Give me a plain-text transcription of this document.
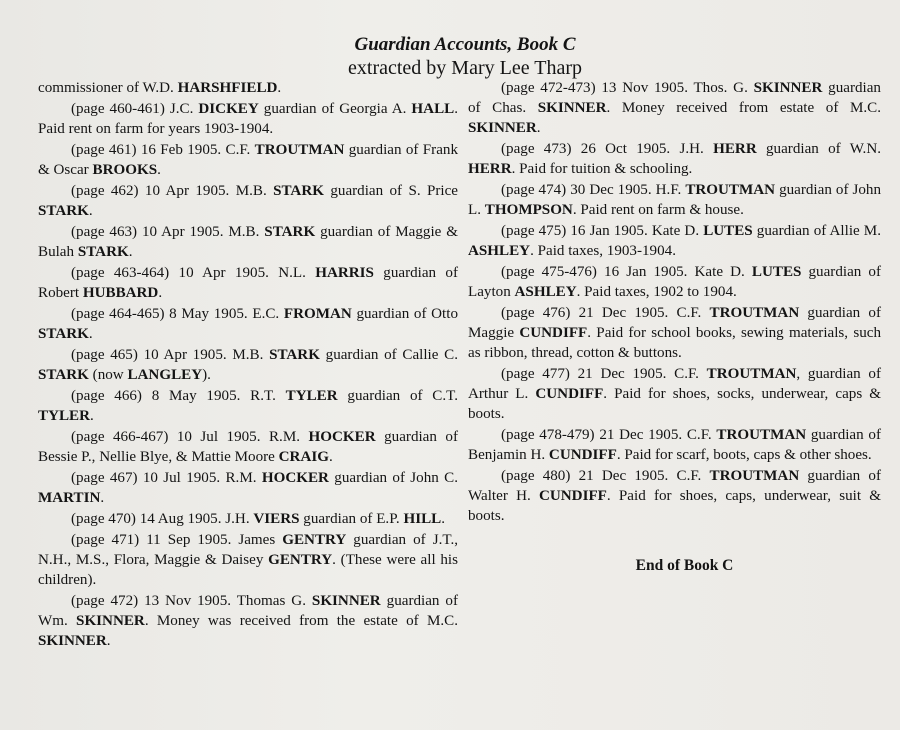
Guardian Accounts, Book C
extracted by Mary Lee Tharp

commissioner of W.D. HARSHFIELD.

(page 460-461) J.C. DICKEY guardian of Georgia A. HALL. Paid rent on farm for years 1903-1904.

(page 461) 16 Feb 1905. C.F. TROUTMAN guardian of Frank & Oscar BROOKS.

(page 462) 10 Apr 1905. M.B. STARK guardian of S. Price STARK.

(page 463) 10 Apr 1905. M.B. STARK guardian of Maggie & Bulah STARK.

(page 463-464) 10 Apr 1905. N.L. HARRIS guardian of Robert HUBBARD.

(page 464-465) 8 May 1905. E.C. FROMAN guardian of Otto STARK.

(page 465) 10 Apr 1905. M.B. STARK guardian of Callie C. STARK (now LANGLEY).

(page 466) 8 May 1905. R.T. TYLER guardian of C.T. TYLER.

(page 466-467) 10 Jul 1905. R.M. HOCKER guardian of Bessie P., Nellie Blye, & Mattie Moore CRAIG.

(page 467) 10 Jul 1905. R.M. HOCKER guardian of John C. MARTIN.

(page 470) 14 Aug 1905. J.H. VIERS guardian of E.P. HILL.

(page 471) 11 Sep 1905. James GENTRY guardian of J.T., N.H., M.S., Flora, Maggie & Daisey GENTRY. (These were all his children).

(page 472) 13 Nov 1905. Thomas G. SKINNER guardian of Wm. SKINNER. Money was received from the estate of M.C. SKINNER.

(page 472-473) 13 Nov 1905. Thos. G. SKINNER guardian of Chas. SKINNER. Money received from estate of M.C. SKINNER.

(page 473) 26 Oct 1905. J.H. HERR guardian of W.N. HERR. Paid for tuition & schooling.

(page 474) 30 Dec 1905. H.F. TROUTMAN guardian of John L. THOMPSON. Paid rent on farm & house.

(page 475) 16 Jan 1905. Kate D. LUTES guardian of Allie M. ASHLEY. Paid taxes, 1903-1904.

(page 475-476) 16 Jan 1905. Kate D. LUTES guardian of Layton ASHLEY. Paid taxes, 1902 to 1904.

(page 476) 21 Dec 1905. C.F. TROUTMAN guardian of Maggie CUNDIFF. Paid for school books, sewing materials, such as ribbon, thread, cotton & buttons.

(page 477) 21 Dec 1905. C.F. TROUTMAN, guardian of Arthur L. CUNDIFF. Paid for shoes, socks, underwear, caps & boots.

(page 478-479) 21 Dec 1905. C.F. TROUTMAN guardian of Benjamin H. CUNDIFF. Paid for scarf, boots, caps & other shoes.

(page 480) 21 Dec 1905. C.F. TROUTMAN guardian of Walter H. CUNDIFF. Paid for shoes, caps, underwear, suit & boots.

End of Book C
